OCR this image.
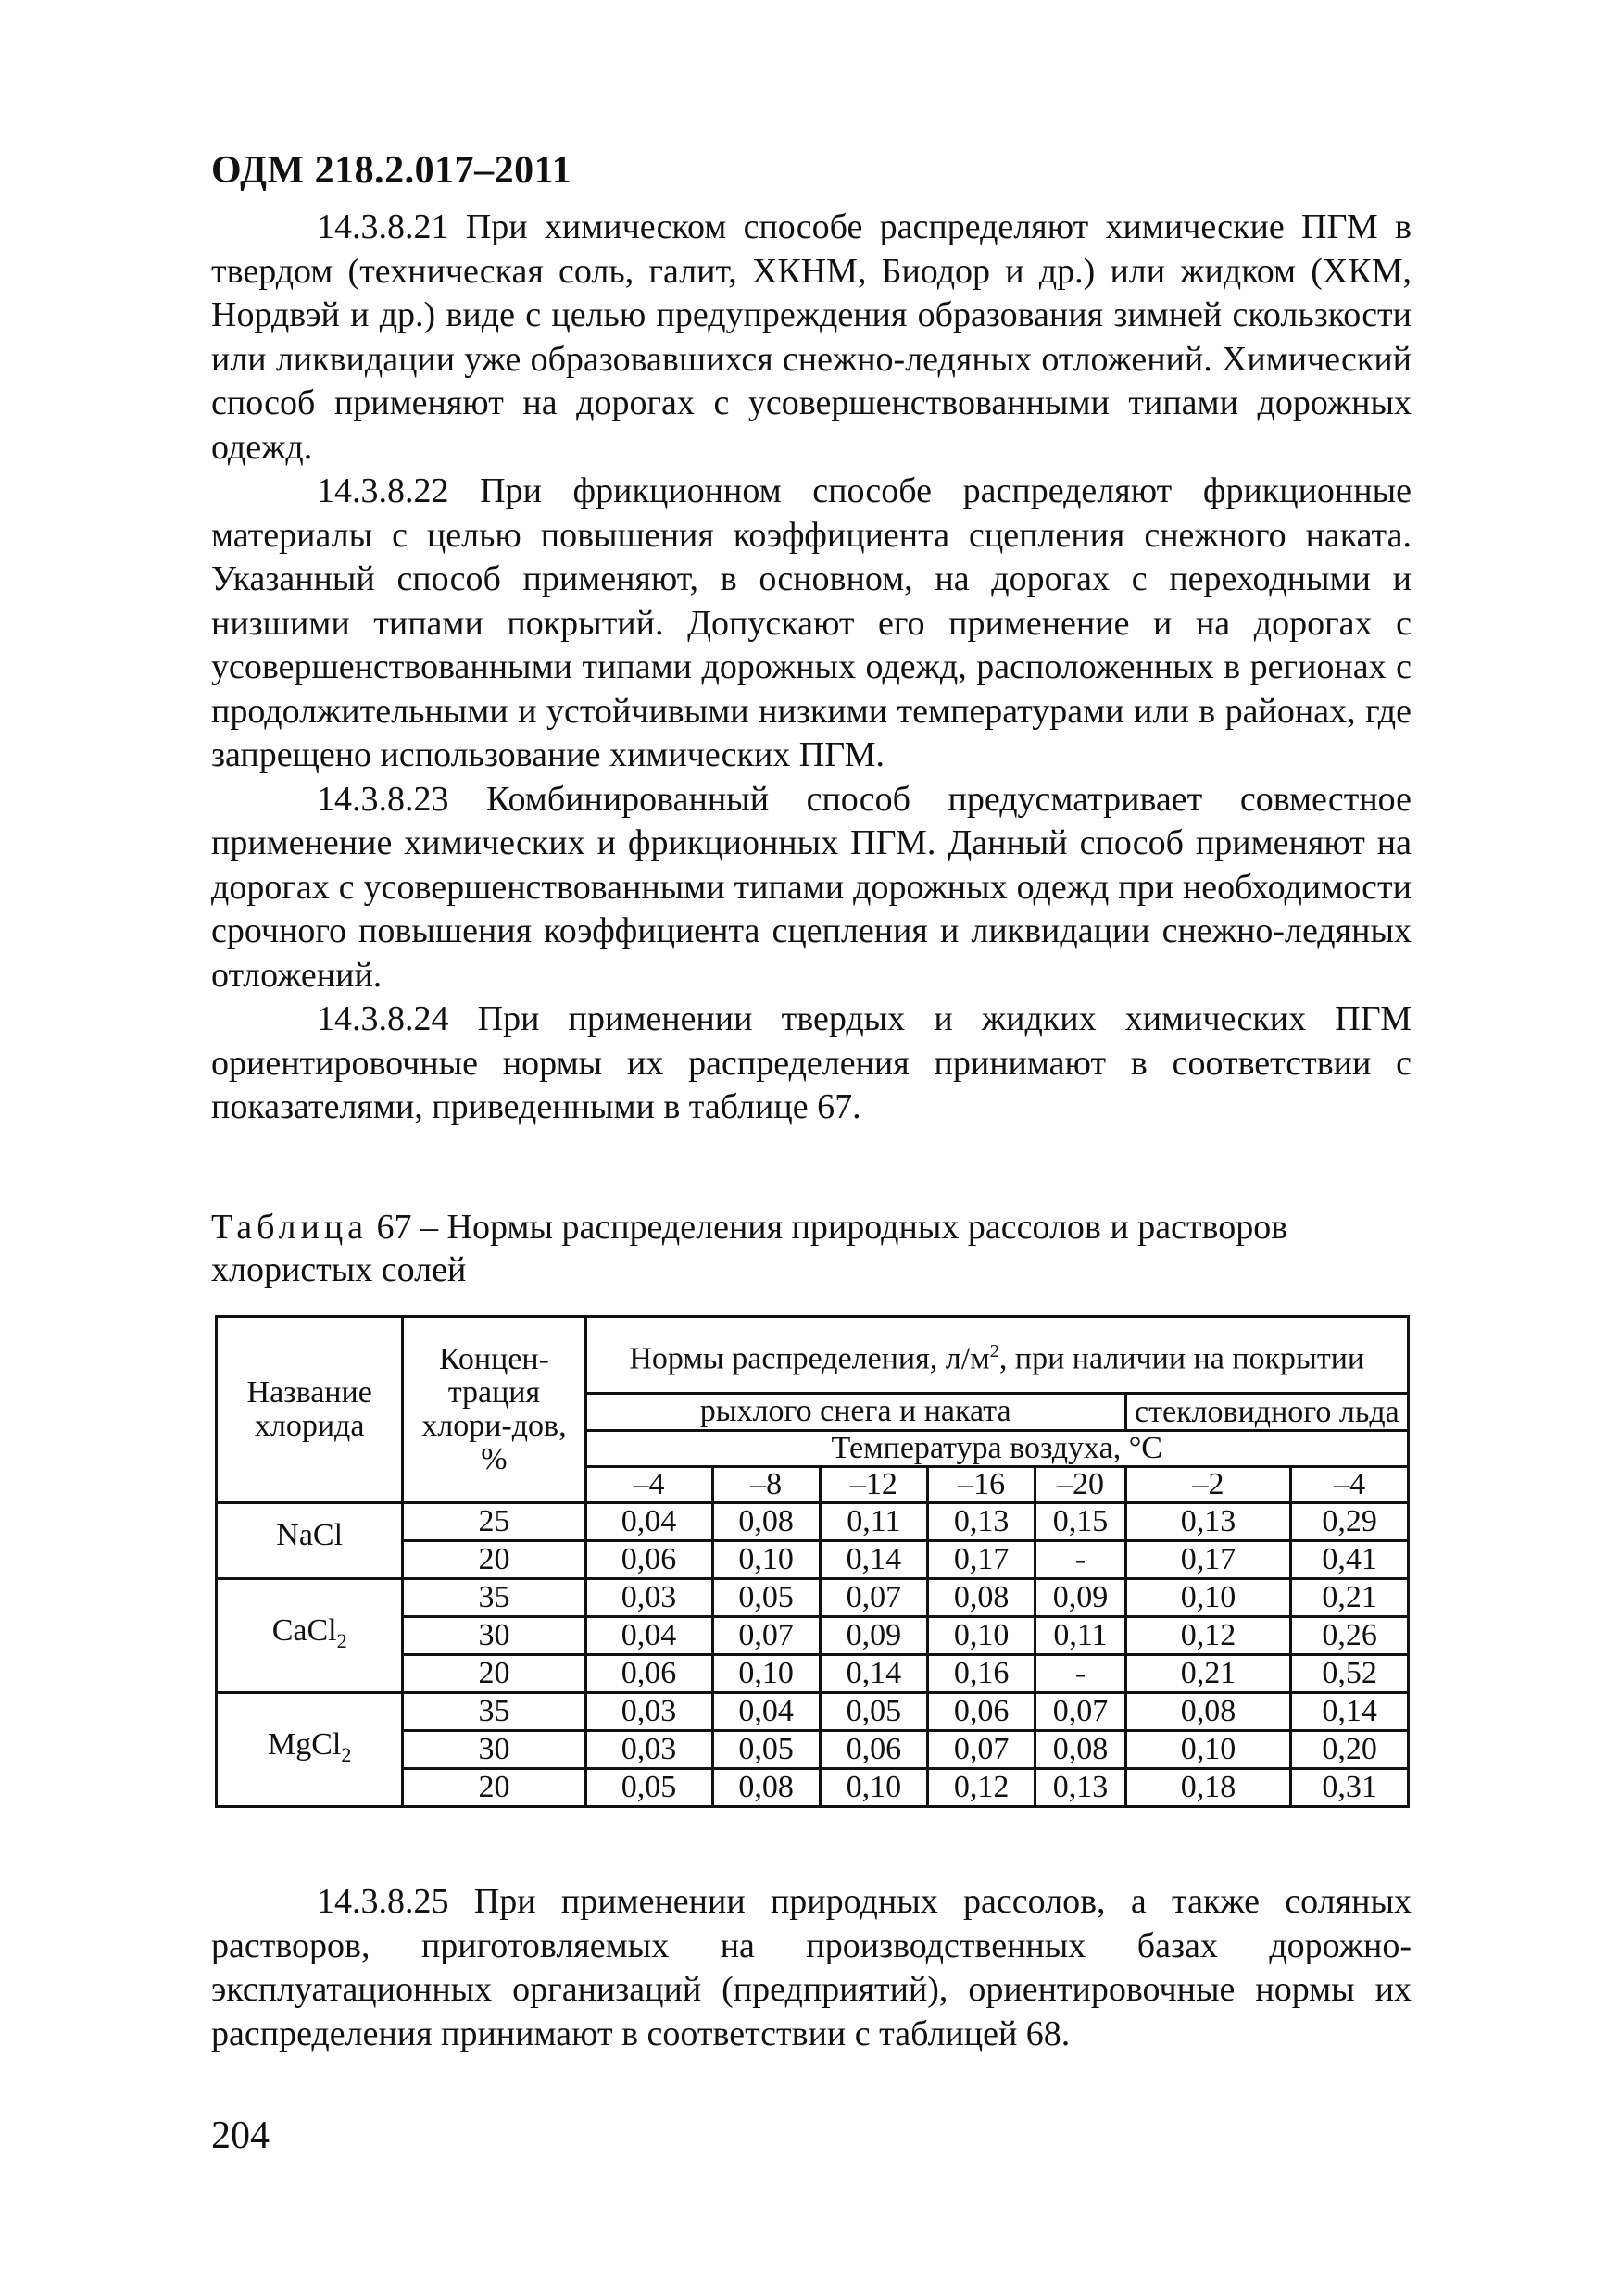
ОДМ 218.2.017–2011

14.3.8.21 При химическом способе распределяют химические ПГМ в твердом (техническая соль, галит, ХКНМ, Биодор и др.) или жидком (ХКМ, Нордвэй и др.) виде с целью предупреждения образования зимней скользкости или ликвидации уже образовавшихся снежно-ледяных отложений. Химический способ применяют на дорогах с усовершенствованными типами дорожных одежд.

14.3.8.22 При фрикционном способе распределяют фрикционные материалы с целью повышения коэффициента сцепления снежного наката. Указанный способ применяют, в основном, на дорогах с переходными и низшими типами покрытий. Допускают его применение и на дорогах с усовершенствованными типами дорожных одежд, расположенных в регионах с продолжительными и устойчивыми низкими температурами или в районах, где запрещено использование химических ПГМ.

14.3.8.23 Комбинированный способ предусматривает совместное применение химических и фрикционных ПГМ. Данный способ применяют на дорогах с усовершенствованными типами дорожных одежд при необходимости срочного повышения коэффициента сцепления и ликвидации снежно-ледяных отложений.

14.3.8.24 При применении твердых и жидких химических ПГМ ориентировочные нормы их распределения принимают в соответствии с показателями, приведенными в таблице 67.

Таблица 67 – Нормы распределения природных рассолов и растворов хлористых солей
Название хлорида	Концен-трация хлори-дов, %	Нормы распределения, $л/м^2$, при наличии на покрытии						
		рыхлого снега и наката					стекловидного льда	

		Температура воздуха, °С						
		–4	–8	–12	–16	–20	–2	–4
NaCl	25	0,04	0,08	0,11	0,13	0,15	0,13	0,29
	20	0,06	0,10	0,14	0,17	-	0,17	0,41
CaCl$_2$	35	0,03	0,05	0,07	0,08	0,09	0,10	0,21
	30	0,04	0,07	0,09	0,10	0,11	0,12	0,26
	20	0,06	0,10	0,14	0,16	-	0,21	0,52
MgCl$_2$	35	0,03	0,04	0,05	0,06	0,07	0,08	0,14
	30	0,03	0,05	0,06	0,07	0,08	0,10	0,20
	20	0,05	0,08	0,10	0,12	0,13	0,18	0,31

14.3.8.25 При применении природных рассолов, а также соляных растворов, приготовляемых на производственных базах дорожно-эксплуатационных организаций (предприятий), ориентировочные нормы их распределения принимают в соответствии с таблицей 68.

204
